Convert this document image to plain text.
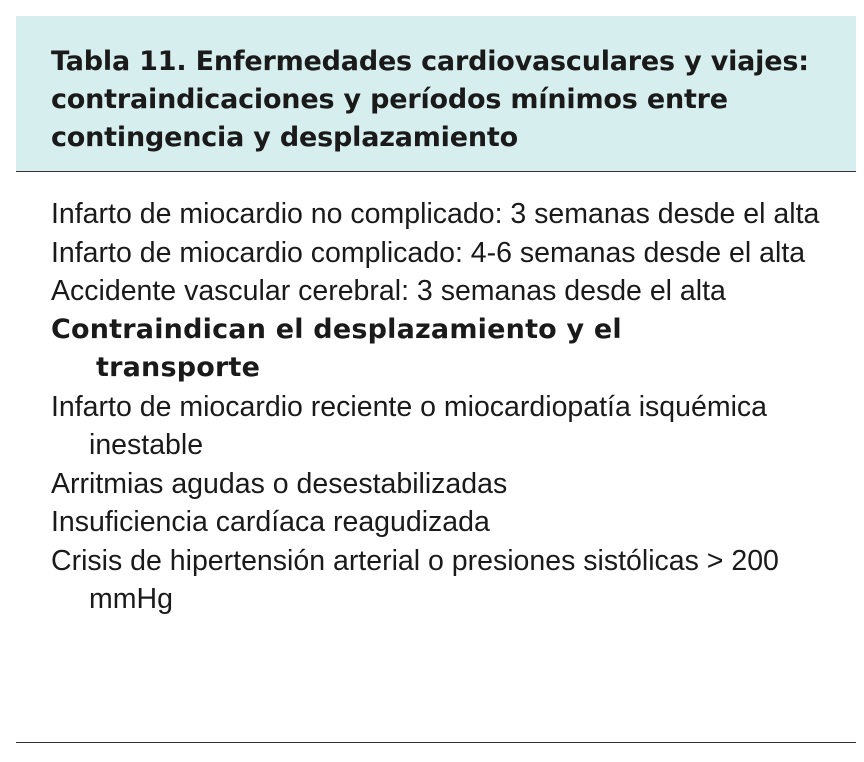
Tabla 11. Enfermedades cardiovasculares y viajes: contraindicaciones y períodos mínimos entre contingencia y desplazamiento

Infarto de miocardio no complicado: 3 semanas desde el alta

Infarto de miocardio complicado: 4-6 semanas desde el alta

Accidente vascular cerebral: 3 semanas desde el alta

Contraindican el desplazamiento y el transporte

Infarto de miocardio reciente o miocardiopatía isquémica inestable

Arritmias agudas o desestabilizadas

Insuficiencia cardíaca reagudizada

Crisis de hipertensión arterial o presiones sistólicas > 200 mmHg
